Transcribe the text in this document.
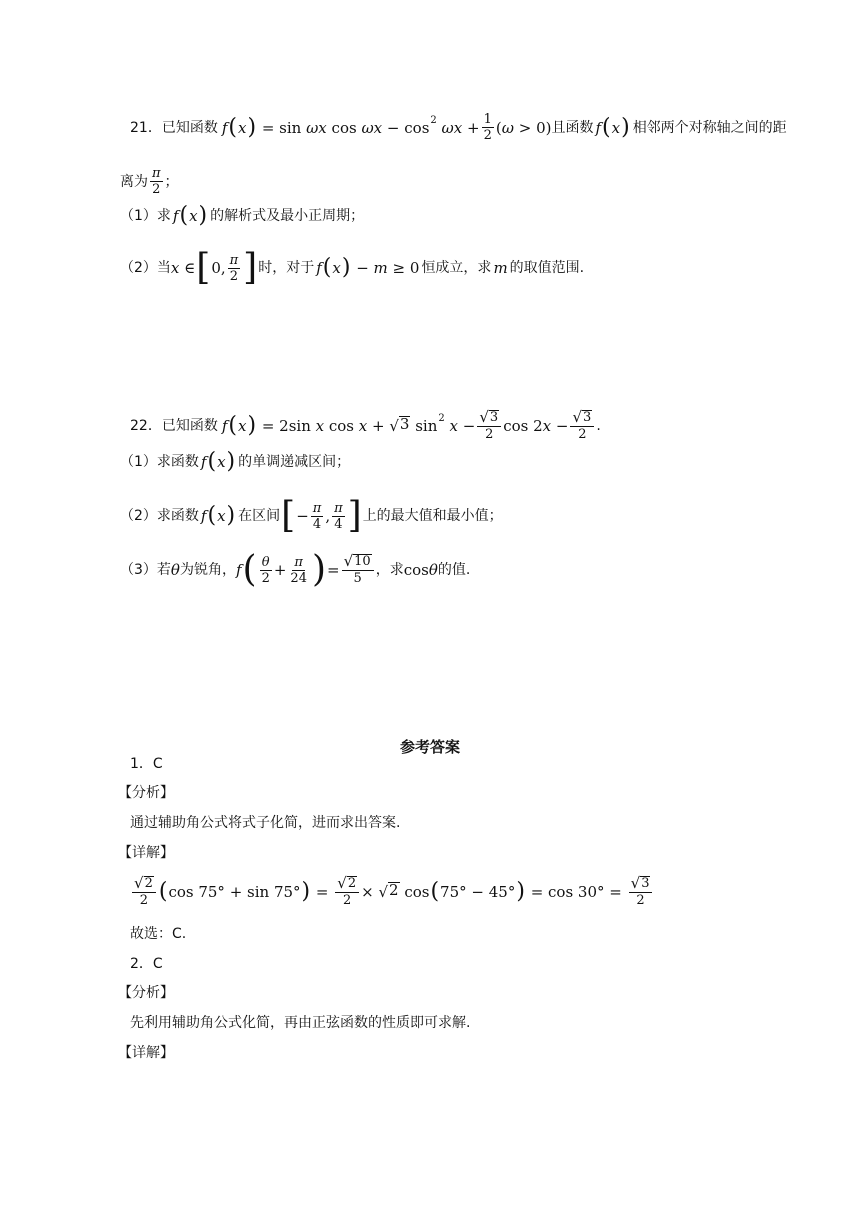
21． 已知函数 f ( x ) = sin ωx cos ωx − cos 2
$\omega x + \frac{1}{2}$ ( ω > 0) 且函数 f ( x ) 相邻两个对称轴之间的距
离为 $\frac{\pi}{2}$ ；
（1）求 f ( x ) 的解析式及最小正周期；
（2）当 x ∈ [ 0, $\frac{\pi}{2}$ ] 时，对于 f ( x ) − m ≥ 0 恒成立，求 m 的取值范围.
22． 已知函数 f ( x ) = 2sin x cos x + √ 3 sin 2
$x - \frac{√ 3}{2}$ cos 2 $x - \frac{√ 3}{2}$ .
（1）求函数 f ( x ) 的单调递减区间；
（2）求函数 f ( x ) 在区间 [ − $\frac{\pi}{4}$ , $\frac{\pi}{4}$ ] 上的最大值和最小值；
（3）若 θ 为锐角， f ( $\frac{\theta}{2} + \frac{\pi}{24}$ ) = $\frac{√ 10}{5}$ ，求 cos θ 的值.
参考答案
1．C
【分析】
通过辅助角公式将式子化简，进而求出答案.
【详解】
$\frac{√ 2}{2}$ ( cos 75° + sin 75° ) = $\frac{√ 2}{2}$ × √ 2 cos ( 75° − 45° ) = $\cos 30^\circ = \frac{√ 3}{2}$
故选：C.
2．C
【分析】
先利用辅助角公式化简，再由正弦函数的性质即可求解.
【详解】
